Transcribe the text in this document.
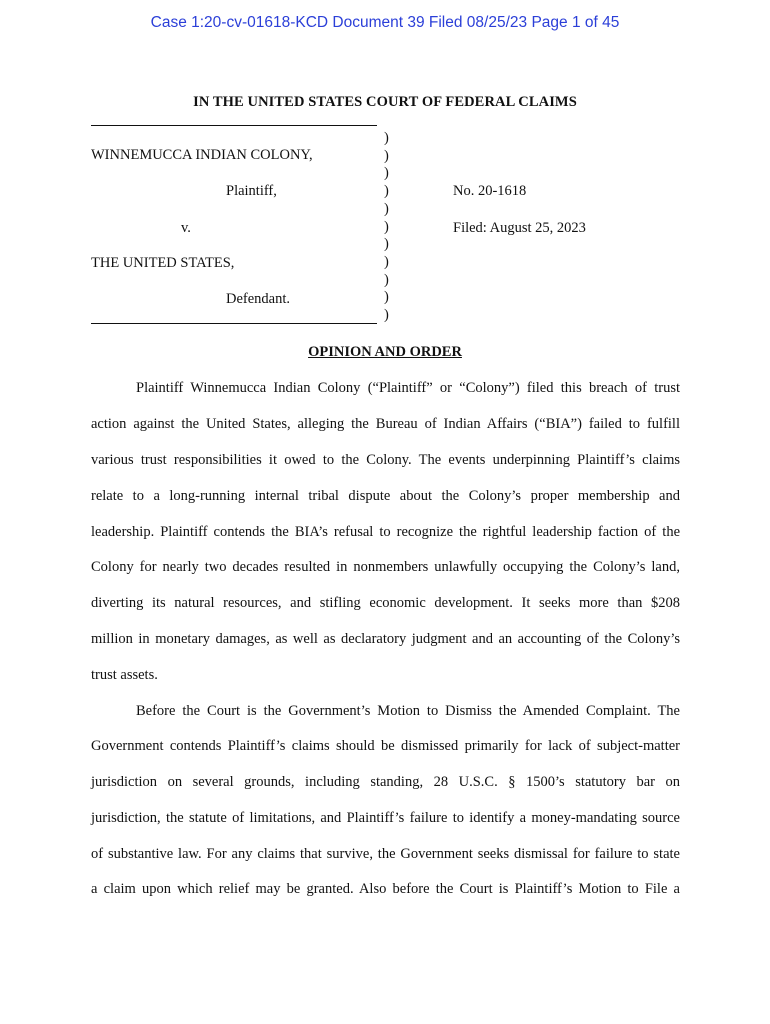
Case 1:20-cv-01618-KCD Document 39 Filed 08/25/23 Page 1 of 45
IN THE UNITED STATES COURT OF FEDERAL CLAIMS
WINNEMUCCA INDIAN COLONY,
Plaintiff,
v.
THE UNITED STATES,
Defendant.
)
)
)
)
)
)
)
)
)
)
)
No. 20-1618
Filed: August 25, 2023
OPINION AND ORDER
Plaintiff Winnemucca Indian Colony (“Plaintiff” or “Colony”) filed this breach of trust
action against the United States, alleging the Bureau of Indian Affairs (“BIA”) failed to fulfill
various trust responsibilities it owed to the Colony. The events underpinning Plaintiff’s claims
relate to a long-running internal tribal dispute about the Colony’s proper membership and
leadership. Plaintiff contends the BIA’s refusal to recognize the rightful leadership faction of the
Colony for nearly two decades resulted in nonmembers unlawfully occupying the Colony’s land,
diverting its natural resources, and stifling economic development. It seeks more than $208
million in monetary damages, as well as declaratory judgment and an accounting of the Colony’s
trust assets.
Before the Court is the Government’s Motion to Dismiss the Amended Complaint. The
Government contends Plaintiff’s claims should be dismissed primarily for lack of subject-matter
jurisdiction on several grounds, including standing, 28 U.S.C. § 1500’s statutory bar on
jurisdiction, the statute of limitations, and Plaintiff’s failure to identify a money-mandating source
of substantive law. For any claims that survive, the Government seeks dismissal for failure to state
a claim upon which relief may be granted. Also before the Court is Plaintiff’s Motion to File a
